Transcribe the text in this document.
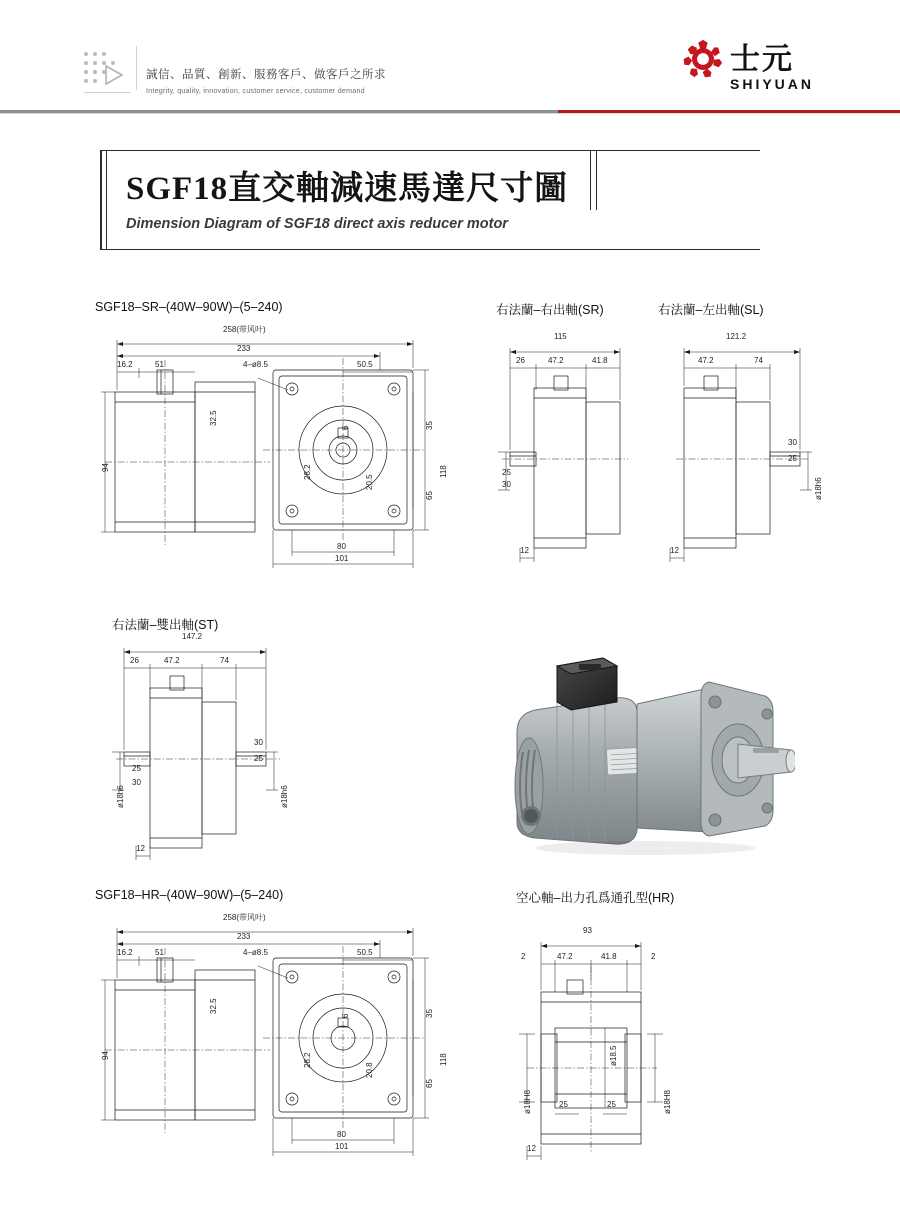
誠信、品質、創新、服務客戶、做客戶之所求
Integrity, quality, innovation, customer service, customer demand
士元
SHIYUAN
SGF18直交軸減速馬達尺寸圖
Dimension Diagram of SGF18 direct axis reducer motor
SGF18–SR–(40W–90W)–(5–240)	右法蘭–右出軸(SR)	右法蘭–左出軸(SL)
右法蘭–雙出軸(ST)
SGF18–HR–(40W–90W)–(5–240)	空心軸–出力孔爲通孔型(HR)
258(带风叶)
233
16.2	51	4–ø8.5	50.5
32.5
6	35
28.2
20.5
118
65
94
80
101
115
26	47.2	41.8
25
30
12
121.2
47.2	74
30
25
ø18h6
12
147.2
26	47.2	74
30
25
ø18h6	ø18h6
25
30
12
258(带风叶)
233
16.2	51	4–ø8.5	50.5
32.5
6	35
28.2
20.8
118
65
94
80
101
93
47.2	41.8
2	2
ø18.5
25	25
ø18H8	ø18H8
12
